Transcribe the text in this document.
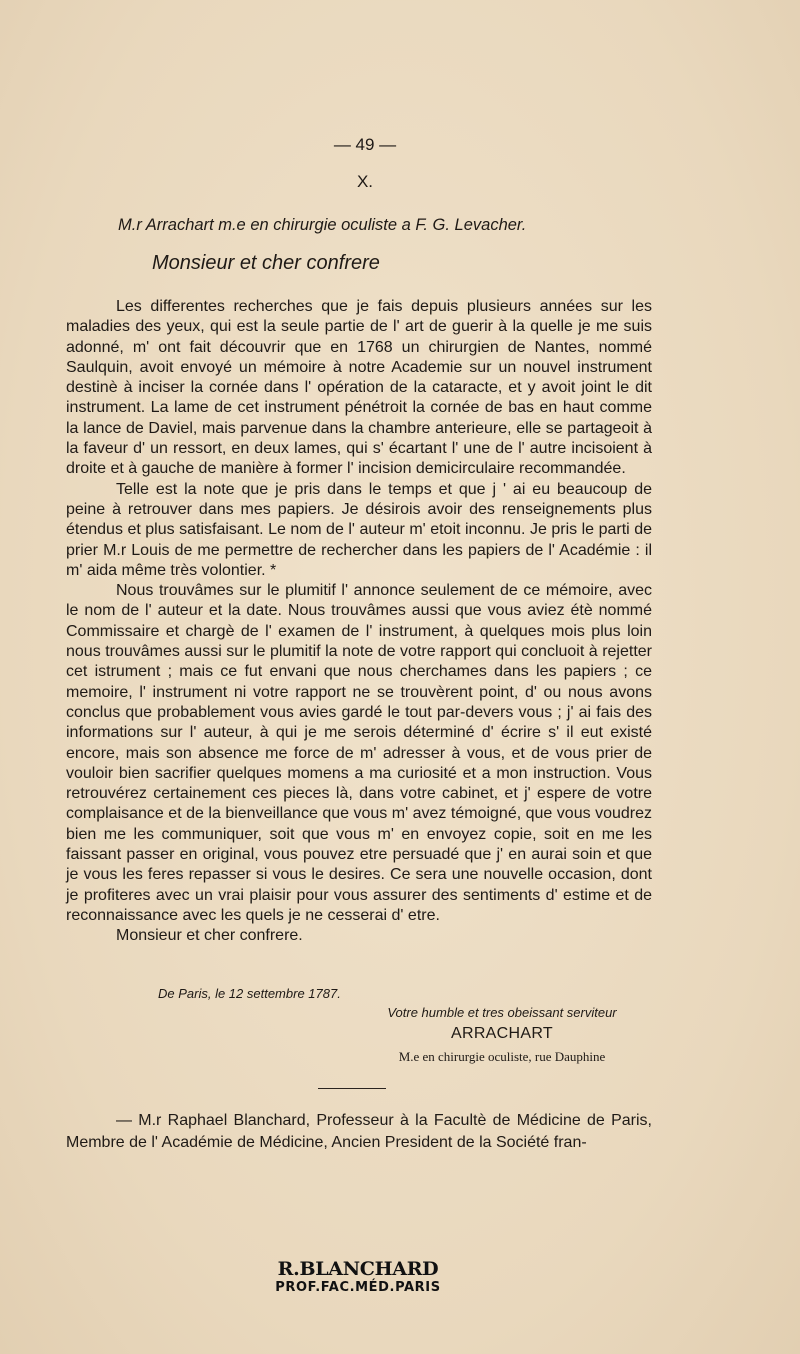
— 49 —
X.
M.r Arrachart m.e en chirurgie oculiste a F. G. Levacher.
Monsieur et cher confrere

Les differentes recherches que je fais depuis plusieurs années sur les maladies des yeux, qui est la seule partie de l' art de guerir à la quelle je me suis adonné, m' ont fait découvrir que en 1768 un chirurgien de Nantes, nommé Saulquin, avoit envoyé un mémoire à notre Academie sur un nouvel instrument destinè à inciser la cornée dans l' opération de la cataracte, et y avoit joint le dit instrument. La lame de cet instrument pénétroit la cornée de bas en haut comme la lance de Daviel, mais parvenue dans la chambre anterieure, elle se partageoit à la faveur d' un ressort, en deux lames, qui s' écartant l' une de l' autre incisoient à droite et à gauche de manière à former l' incision demicirculaire recommandée.

Telle est la note que je pris dans le temps et que j ' ai eu beaucoup de peine à retrouver dans mes papiers. Je désirois avoir des renseignements plus étendus et plus satisfaisant. Le nom de l' auteur m' etoit inconnu. Je pris le parti de prier M.r Louis de me permettre de rechercher dans les papiers de l' Académie : il m' aida même très volontier. *

Nous trouvâmes sur le plumitif l' annonce seulement de ce mémoire, avec le nom de l' auteur et la date. Nous trouvâmes aussi que vous aviez étè nommé Commissaire et chargè de l' examen de l' instrument, à quelques mois plus loin nous trouvâmes aussi sur le plumitif la note de votre rapport qui concluoit à rejetter cet istrument ; mais ce fut envani que nous cherchames dans les papiers ; ce memoire, l' instrument ni votre rapport ne se trouvèrent point, d' ou nous avons conclus que probablement vous avies gardé le tout par-devers vous ; j' ai fais des informations sur l' auteur, à qui je me serois déterminé d' écrire s' il eut existé encore, mais son absence me force de m' adresser à vous, et de vous prier de vouloir bien sacrifier quelques momens a ma curiosité et a mon instruction. Vous retrouvérez certainement ces pieces là, dans votre cabinet, et j' espere de votre complaisance et de la bienveillance que vous m' avez témoigné, que vous voudrez bien me les communiquer, soit que vous m' en envoyez copie, soit en me les faissant passer en original, vous pouvez etre persuadé que j' en aurai soin et que je vous les feres repasser si vous le desires. Ce sera une nouvelle occasion, dont je profiteres avec un vrai plaisir pour vous assurer des sentiments d' estime et de reconnaissance avec les quels je ne cesserai d' etre.

Monsieur et cher confrere.

De Paris, le 12 settembre 1787.
Votre humble et tres obeissant serviteur
ARRACHART
M.e en chirurgie oculiste, rue Dauphine

— M.r Raphael Blanchard, Professeur à la Facultè de Médicine de Paris, Membre de l' Académie de Médicine, Ancien President de la Société fran-

R.BLANCHARD
PROF.FAC.MÉD.PARIS
